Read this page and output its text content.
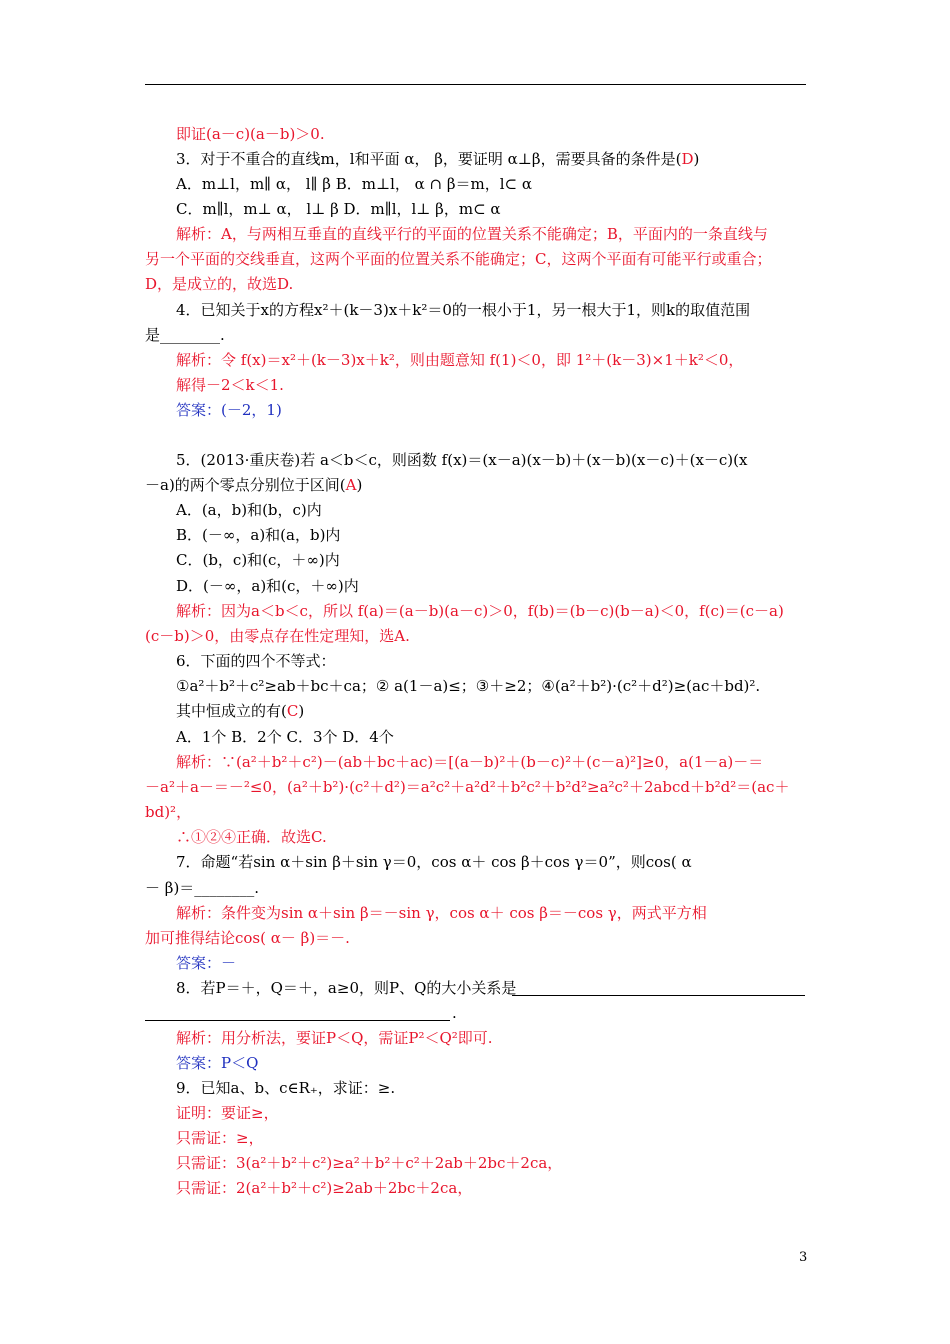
即证(a－c)(a－b)＞0.
3．对于不重合的直线m，l和平面 α， β，要证明 α⊥β，需要具备的条件是(D)
A．m⊥l，m∥ α， l∥ β B．m⊥l， α ∩ β＝m，l⊂ α
C．m∥l，m⊥ α， l⊥ β D．m∥l，l⊥ β，m⊂ α
解析：A，与两相互垂直的直线平行的平面的位置关系不能确定；B，平面内的一条直线与
另一个平面的交线垂直，这两个平面的位置关系不能确定；C，这两个平面有可能平行或重合；
D，是成立的，故选D.
4．已知关于x的方程x²＋(k－3)x＋k²＝0的一根小于1，另一根大于1，则k的取值范围
是________.
解析：令 f(x)＝x²＋(k－3)x＋k²，则由题意知 f(1)＜0，即 1²＋(k－3)×1＋k²＜0，
解得－2＜k＜1.
答案：(－2，1)
5．(2013·重庆卷)若 a＜b＜c，则函数 f(x)＝(x－a)(x－b)＋(x－b)(x－c)＋(x－c)(x
－a)的两个零点分别位于区间(A)
A．(a，b)和(b，c)内
B．(－∞，a)和(a，b)内
C．(b，c)和(c，＋∞)内
D．(－∞，a)和(c，＋∞)内
解析：因为a＜b＜c，所以 f(a)＝(a－b)(a－c)＞0，f(b)＝(b－c)(b－a)＜0，f(c)＝(c－a)
(c－b)＞0，由零点存在性定理知，选A.
6．下面的四个不等式：
①a²＋b²＋c²≥ab＋bc＋ca；② a(1－a)≤；③＋≥2；④(a²＋b²)·(c²＋d²)≥(ac＋bd)².
其中恒成立的有(C)
A．1个 B．2个 C．3个 D．4个
解析：∵(a²＋b²＋c²)－(ab＋bc＋ac)＝[(a－b)²＋(b－c)²＋(c－a)²]≥0，a(1－a)－＝
－a²＋a－＝－²≤0，(a²＋b²)·(c²＋d²)＝a²c²＋a²d²＋b²c²＋b²d²≥a²c²＋2abcd＋b²d²＝(ac＋
bd)²，
∴①②④正确．故选C.
7．命题“若sin α＋sin β＋sin γ＝0，cos α＋ cos β＋cos γ＝0”，则cos( α
－ β)＝________.
解析：条件变为sin α＋sin β＝－sin γ，cos α＋ cos β＝－cos γ，两式平方相
加可推得结论cos( α－ β)＝－.
答案：－
8．若P＝＋，Q＝＋，a≥0，则P、Q的大小关系是
.
解析：用分析法，要证P＜Q，需证P²＜Q²即可.
答案：P＜Q
9．已知a、b、c∈R₊，求证：≥.
证明：要证≥，
只需证：≥，
只需证：3(a²＋b²＋c²)≥a²＋b²＋c²＋2ab＋2bc＋2ca，
只需证：2(a²＋b²＋c²)≥2ab＋2bc＋2ca，
3
